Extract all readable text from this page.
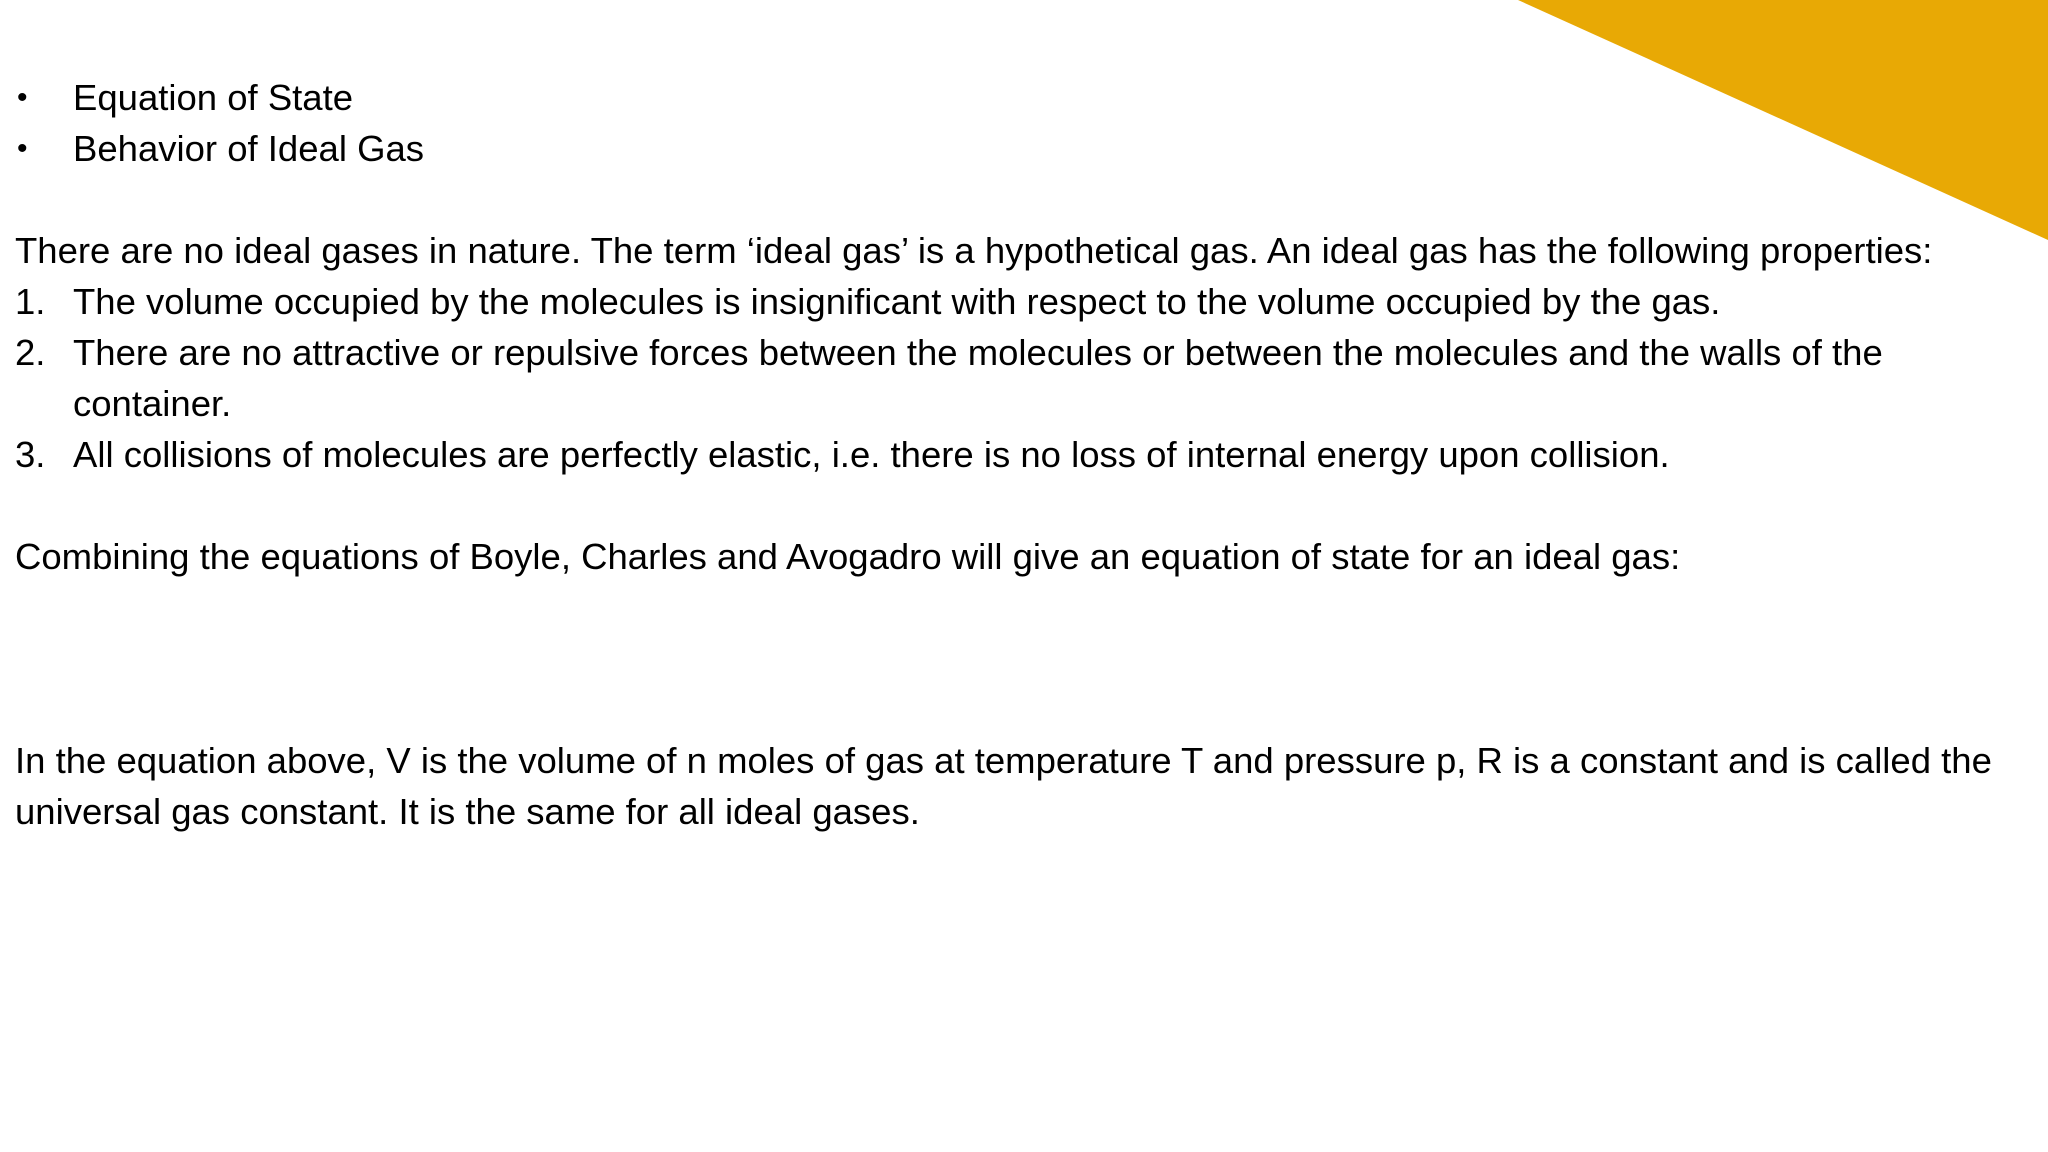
•	Equation of State
•	Behavior of Ideal Gas

There are no ideal gases in nature. The term ‘ideal gas’ is a hypothetical gas. An ideal gas has the following properties:

1. The volume occupied by the molecules is insignificant with respect to the volume occupied by the gas.
2. There are no attractive or repulsive forces between the molecules or between the molecules and the walls of the container.
3. All collisions of molecules are perfectly elastic, i.e. there is no loss of internal energy upon collision.

Combining the equations of Boyle, Charles and Avogadro will give an equation of state for an ideal gas:

In the equation above, V is the volume of n moles of gas at temperature T and pressure p, R is a constant and is called the universal gas constant. It is the same for all ideal gases.
